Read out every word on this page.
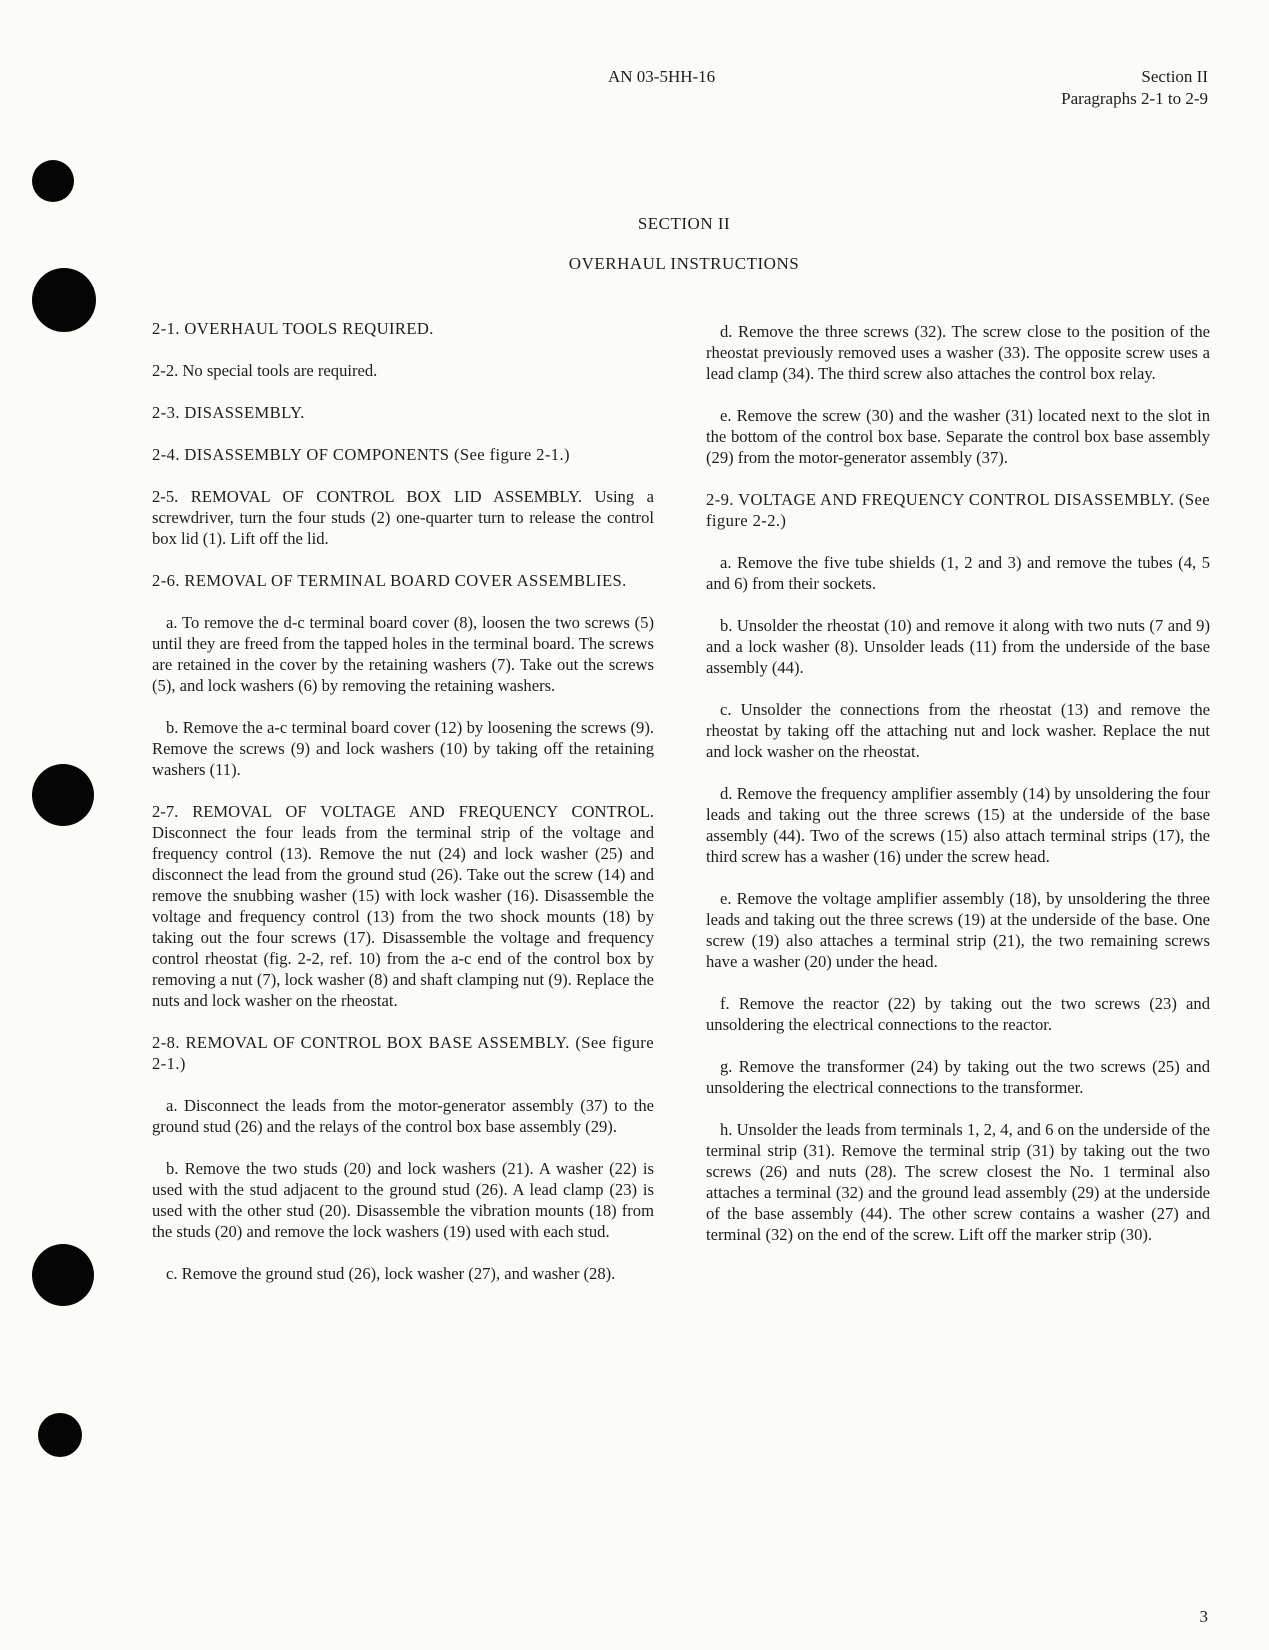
AN 03-5HH-16	Section II
Paragraphs 2-1 to 2-9
SECTION II
OVERHAUL INSTRUCTIONS

2-1. OVERHAUL TOOLS REQUIRED.

2-2. No special tools are required.

2-3. DISASSEMBLY.

2-4. DISASSEMBLY OF COMPONENTS (See figure 2-1.)

2-5. REMOVAL OF CONTROL BOX LID ASSEMBLY. Using a screwdriver, turn the four studs (2) one-quarter turn to release the control box lid (1). Lift off the lid.

2-6. REMOVAL OF TERMINAL BOARD COVER ASSEMBLIES.

a. To remove the d-c terminal board cover (8), loosen the two screws (5) until they are freed from the tapped holes in the terminal board. The screws are retained in the cover by the retaining washers (7). Take out the screws (5), and lock washers (6) by removing the retaining washers.

b. Remove the a-c terminal board cover (12) by loosening the screws (9). Remove the screws (9) and lock washers (10) by taking off the retaining washers (11).

2-7. REMOVAL OF VOLTAGE AND FREQUENCY CONTROL. Disconnect the four leads from the terminal strip of the voltage and frequency control (13). Remove the nut (24) and lock washer (25) and disconnect the lead from the ground stud (26). Take out the screw (14) and remove the snubbing washer (15) with lock washer (16). Disassemble the voltage and frequency control (13) from the two shock mounts (18) by taking out the four screws (17). Disassemble the voltage and frequency control rheostat (fig. 2-2, ref. 10) from the a-c end of the control box by removing a nut (7), lock washer (8) and shaft clamping nut (9). Replace the nuts and lock washer on the rheostat.

2-8. REMOVAL OF CONTROL BOX BASE ASSEMBLY. (See figure 2-1.)

a. Disconnect the leads from the motor-generator assembly (37) to the ground stud (26) and the relays of the control box base assembly (29).

b. Remove the two studs (20) and lock washers (21). A washer (22) is used with the stud adjacent to the ground stud (26). A lead clamp (23) is used with the other stud (20). Disassemble the vibration mounts (18) from the studs (20) and remove the lock washers (19) used with each stud.

c. Remove the ground stud (26), lock washer (27), and washer (28).

d. Remove the three screws (32). The screw close to the position of the rheostat previously removed uses a washer (33). The opposite screw uses a lead clamp (34). The third screw also attaches the control box relay.

e. Remove the screw (30) and the washer (31) located next to the slot in the bottom of the control box base. Separate the control box base assembly (29) from the motor-generator assembly (37).

2-9. VOLTAGE AND FREQUENCY CONTROL DISASSEMBLY. (See figure 2-2.)

a. Remove the five tube shields (1, 2 and 3) and remove the tubes (4, 5 and 6) from their sockets.

b. Unsolder the rheostat (10) and remove it along with two nuts (7 and 9) and a lock washer (8). Unsolder leads (11) from the underside of the base assembly (44).

c. Unsolder the connections from the rheostat (13) and remove the rheostat by taking off the attaching nut and lock washer. Replace the nut and lock washer on the rheostat.

d. Remove the frequency amplifier assembly (14) by unsoldering the four leads and taking out the three screws (15) at the underside of the base assembly (44). Two of the screws (15) also attach terminal strips (17), the third screw has a washer (16) under the screw head.

e. Remove the voltage amplifier assembly (18), by unsoldering the three leads and taking out the three screws (19) at the underside of the base. One screw (19) also attaches a terminal strip (21), the two remaining screws have a washer (20) under the head.

f. Remove the reactor (22) by taking out the two screws (23) and unsoldering the electrical connections to the reactor.

g. Remove the transformer (24) by taking out the two screws (25) and unsoldering the electrical connections to the transformer.

h. Unsolder the leads from terminals 1, 2, 4, and 6 on the underside of the terminal strip (31). Remove the terminal strip (31) by taking out the two screws (26) and nuts (28). The screw closest the No. 1 terminal also attaches a terminal (32) and the ground lead assembly (29) at the underside of the base assembly (44). The other screw contains a washer (27) and terminal (32) on the end of the screw. Lift off the marker strip (30).

3
